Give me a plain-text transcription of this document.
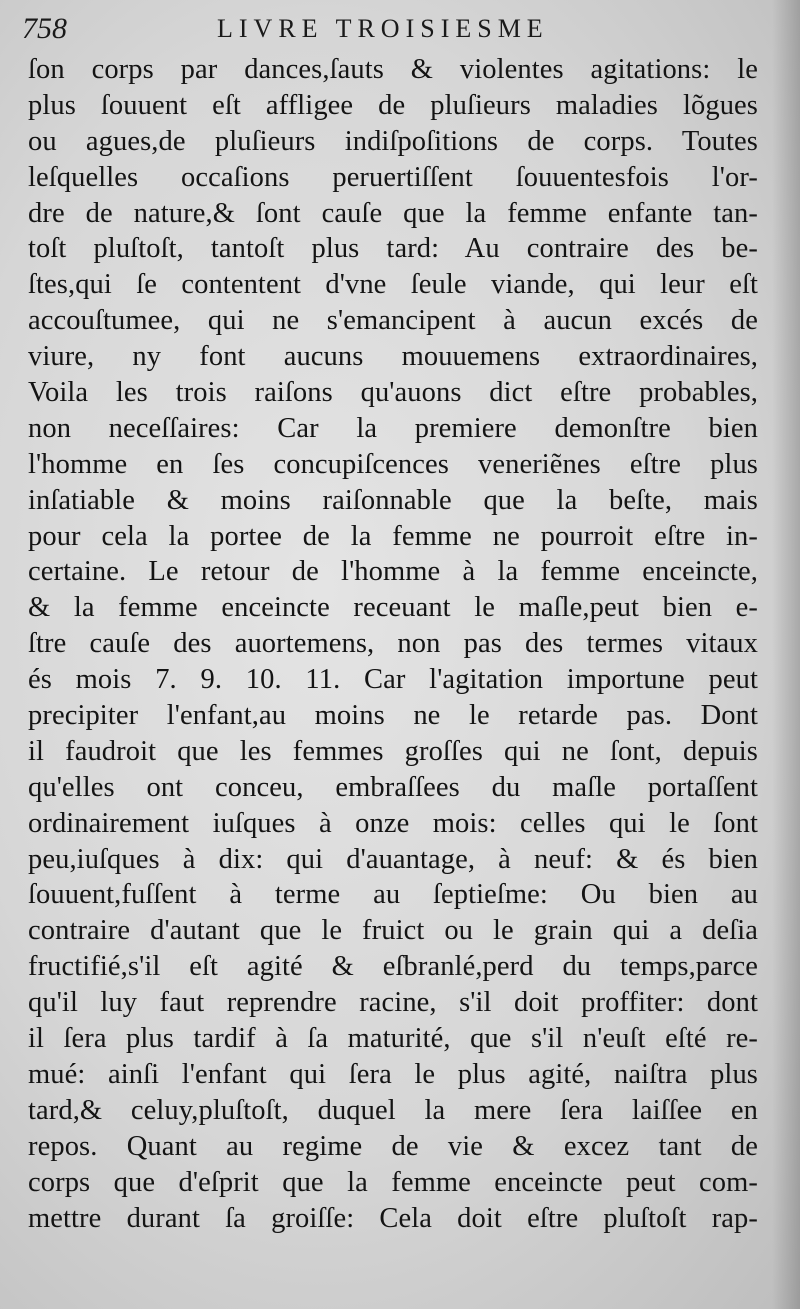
758	LIVRE TROISIESME
ſon corps par dances,ſauts & violentes agitations: le
plus ſouuent eſt affligee de pluſieurs maladies lõgues
ou agues,de pluſieurs indiſpoſitions de corps. Toutes
leſquelles occaſions peruertiſſent ſouuentesfois l'or-
dre de nature,& ſont cauſe que la femme enfante tan-
toſt pluſtoſt, tantoſt plus tard: Au contraire des be-
ſtes,qui ſe contentent d'vne ſeule viande, qui leur eſt
accouſtumee, qui ne s'emancipent à aucun excés de
viure, ny font aucuns mouuemens extraordinaires,
Voila les trois raiſons qu'auons dict eſtre probables,
non neceſſaires: Car la premiere demonſtre bien
l'homme en ſes concupiſcences veneriẽnes eſtre plus
inſatiable & moins raiſonnable que la beſte, mais
pour cela la portee de la femme ne pourroit eſtre in-
certaine. Le retour de l'homme à la femme enceincte,
& la femme enceincte receuant le maſle,peut bien e-
ſtre cauſe des auortemens, non pas des termes vitaux
és mois 7. 9. 10. 11. Car l'agitation importune peut
precipiter l'enfant,au moins ne le retarde pas. Dont
il faudroit que les femmes groſſes qui ne ſont, depuis
qu'elles ont conceu, embraſſees du maſle portaſſent
ordinairement iuſques à onze mois: celles qui le ſont
peu,iuſques à dix: qui d'auantage, à neuf: & és bien
ſouuent,fuſſent à terme au ſeptieſme: Ou bien au
contraire d'autant que le fruict ou le grain qui a deſia
fructifié,s'il eſt agité & eſbranlé,perd du temps,parce
qu'il luy faut reprendre racine, s'il doit proffiter: dont
il ſera plus tardif à ſa maturité, que s'il n'euſt eſté re-
mué: ainſi l'enfant qui ſera le plus agité, naiſtra plus
tard,& celuy,pluſtoſt, duquel la mere ſera laiſſee en
repos. Quant au regime de vie & excez tant de
corps que d'eſprit que la femme enceincte peut com-
mettre durant ſa groiſſe: Cela doit eſtre pluſtoſt rap-
